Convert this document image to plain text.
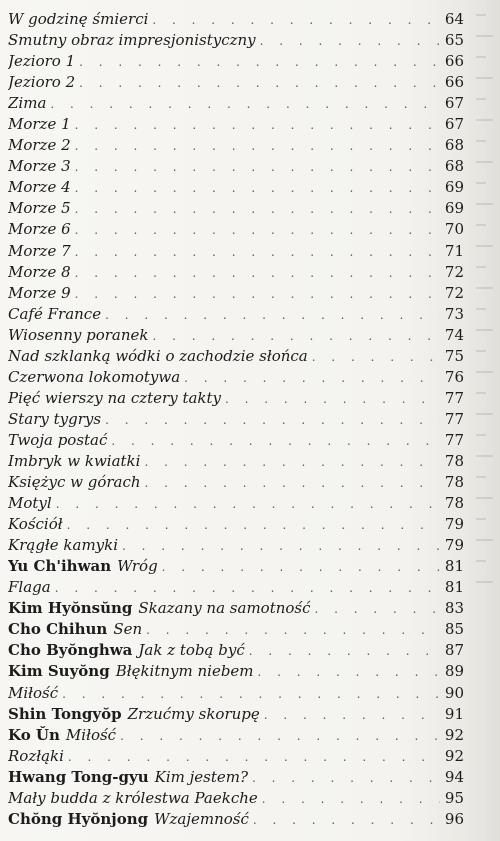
W godzinę śmierci . . .	64
Smutny obraz impresjonistyczny . . .	65
Jezioro 1 . . .	66
Jezioro 2 . . .	66
Zima . . .	67
Morze 1 . . .	67
Morze 2 . . .	68
Morze 3 . . .	68
Morze 4 . . .	69
Morze 5 . . .	69
Morze 6 . . .	70
Morze 7 . . .	71
Morze 8 . . .	72
Morze 9 . . .	72
Café France . . .	73
Wiosenny poranek . . .	74
Nad szklanką wódki o zachodzie słońca . . .	75
Czerwona lokomotywa . . .	76
Pięć wierszy na cztery takty . . .	77
Stary tygrys . . .	77
Twoja postać . . .	77
Imbryk w kwiatki . . .	78
Księżyc w górach . . .	78
Motyl . . .	78
Kościół . . .	79
Krągłe kamyki . . .	79
Yu Ch'ihwan Wróg . . .	81
Flaga . . .	81
Kim Hyŏnsŭng Skazany na samotność . . .	83
Cho Chihun Sen . . .	85
Cho Byŏnghwa Jak z tobą być . . .	87
Kim Suyŏng Błękitnym niebem . . .	89
Miłość . . .	90
Shin Tongyŏp Zrzućmy skorupę . . .	91
Ko Ŭn Miłość . . .	92
Rozłąki . . .	92
Hwang Tong-gyu Kim jestem? . . .	94
Mały budda z królestwa Paekche . . .	95
Chŏng Hyŏnjong Wzajemność . . .	96
